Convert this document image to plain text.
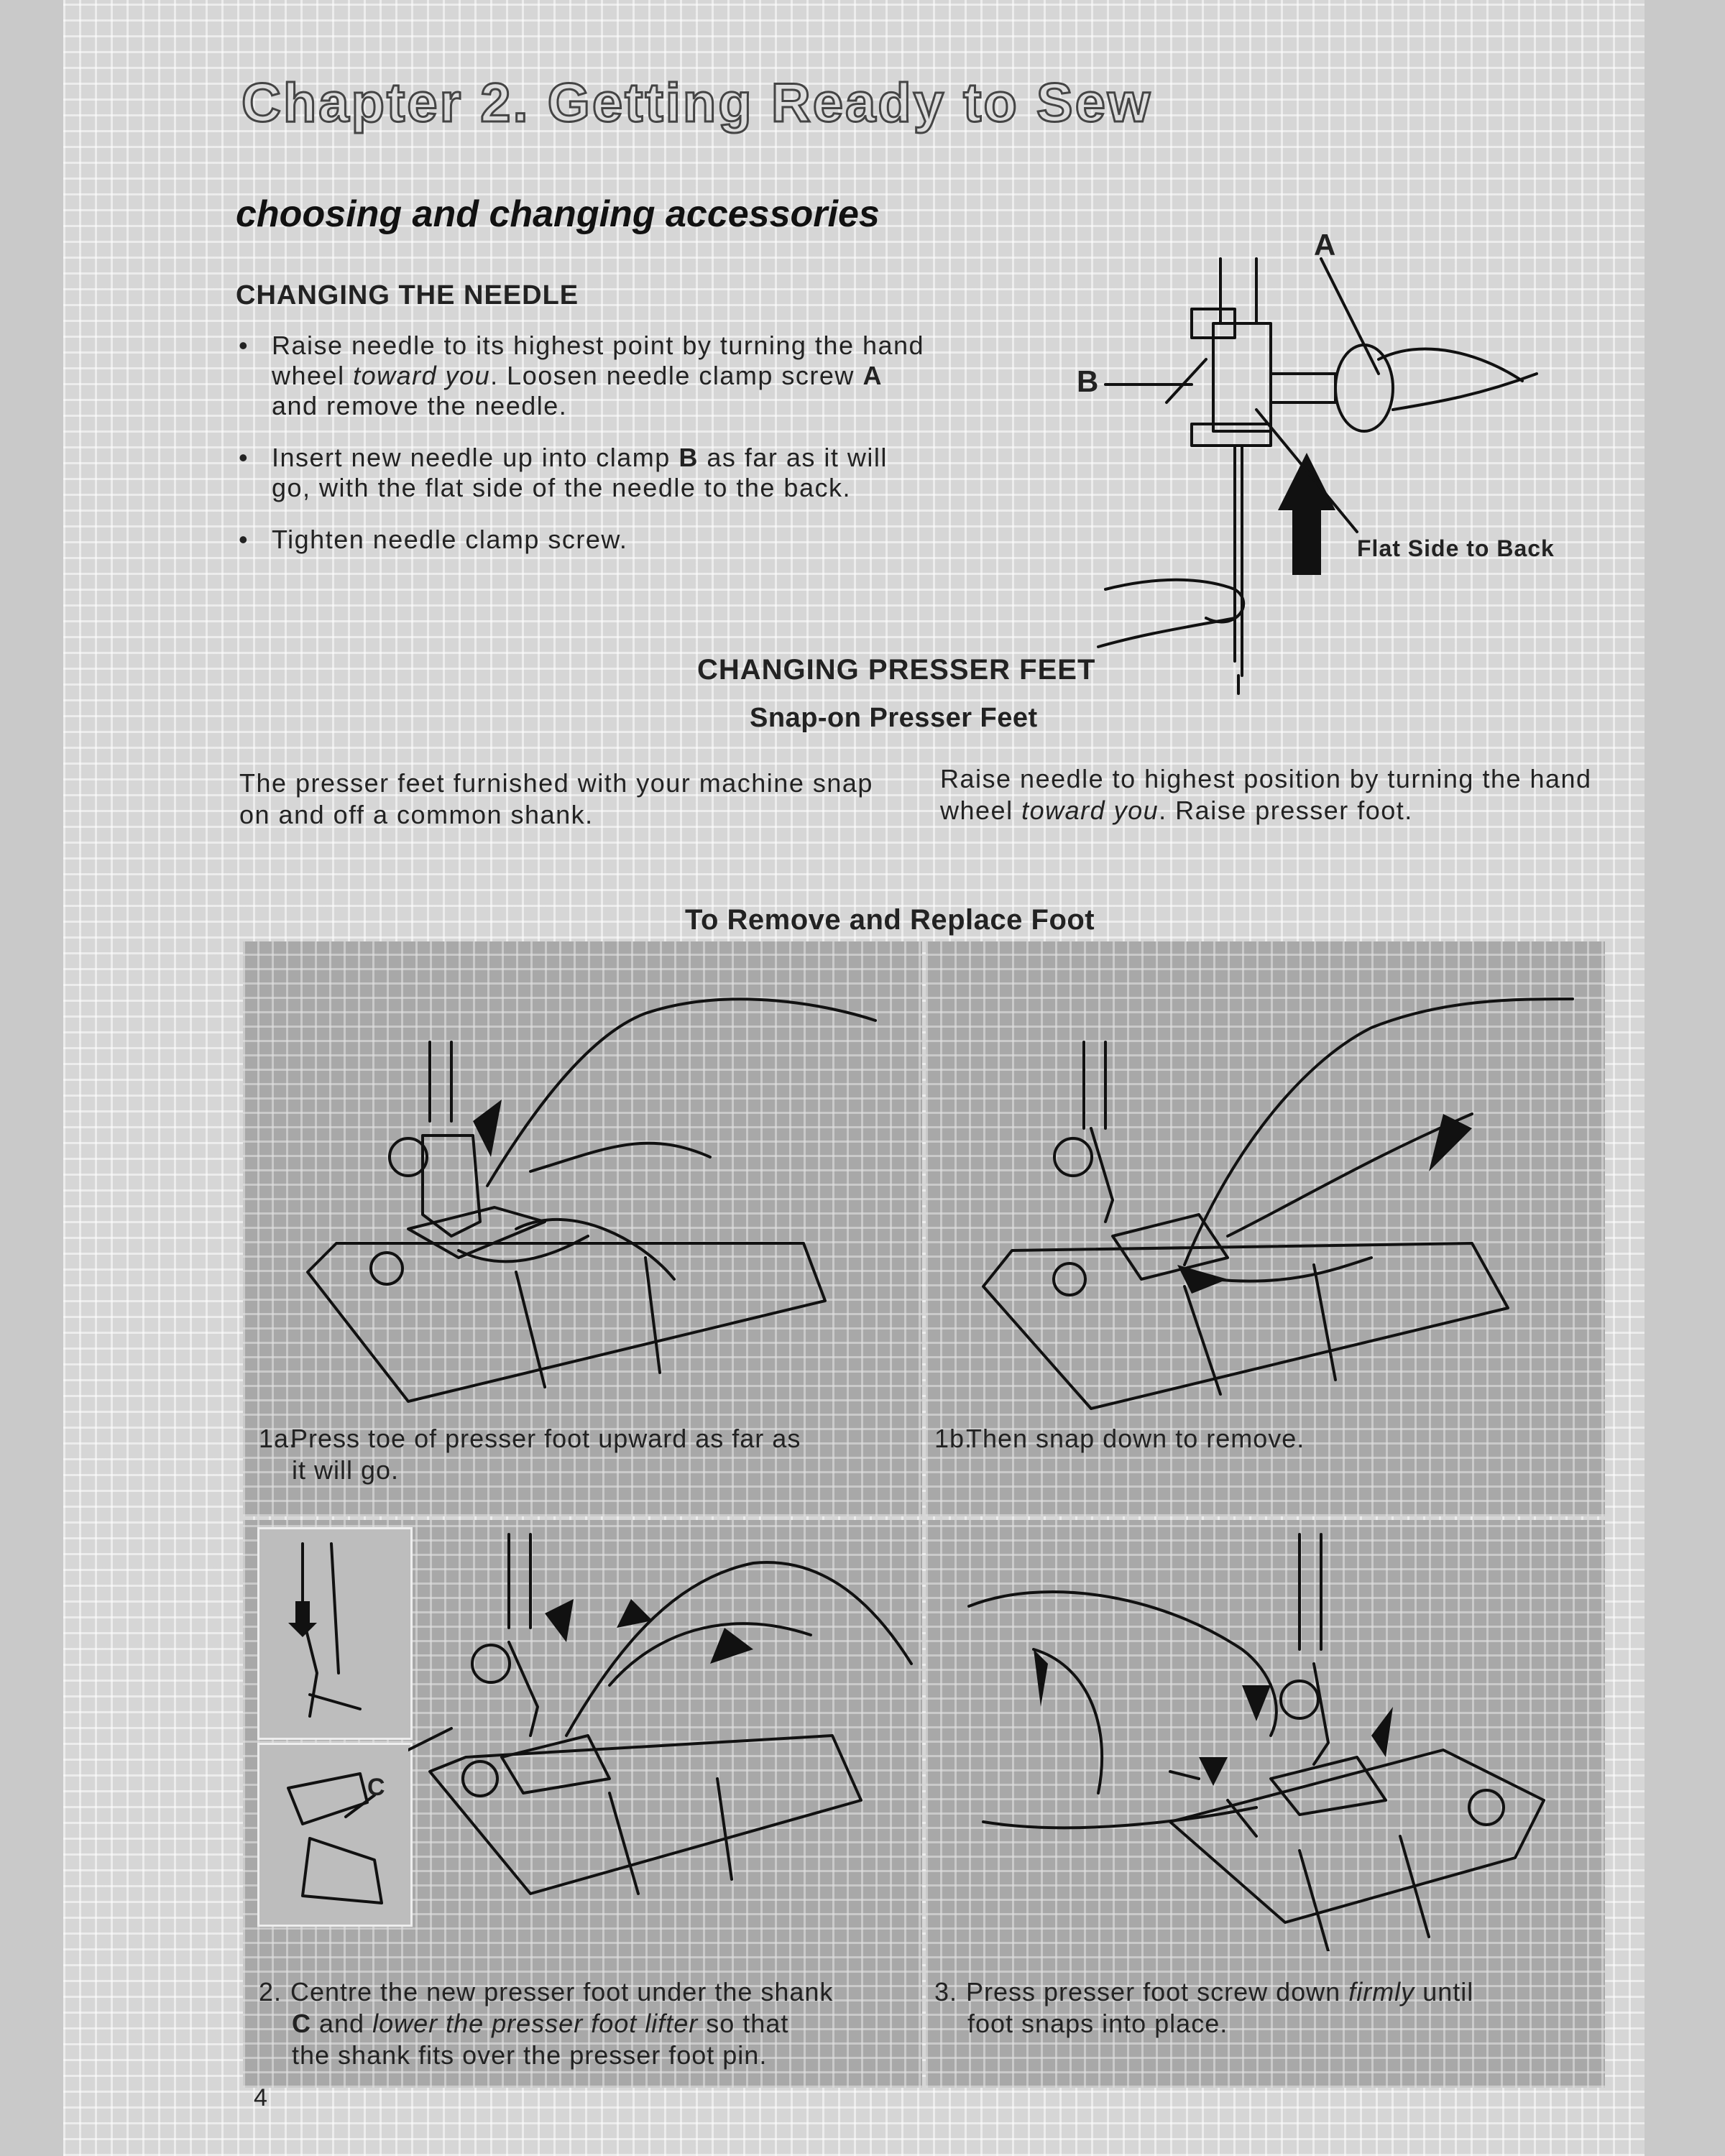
Chapter 2. Getting Ready to Sew
choosing and changing accessories
CHANGING THE NEEDLE
• Raise needle to its highest point by turning the hand wheel toward you. Loosen needle clamp screw A and remove the needle.
• Insert new needle up into clamp B as far as it will go, with the flat side of the needle to the back.
• Tighten needle clamp screw.
A
B
Flat Side to Back
CHANGING PRESSER FEET
Snap-on Presser Feet

The presser feet furnished with your machine snap on and off a common shank.

Raise needle to highest position by turning the hand wheel toward you. Raise presser foot.

To Remove and Replace Foot

1a.Press toe of presser foot upward as far as
it will go.

1b.Then snap down to remove.

C

2. Centre the new presser foot under the shank
C and lower the presser foot lifter so that
the shank fits over the presser foot pin.

3. Press presser foot screw down firmly until
foot snaps into place.

4
